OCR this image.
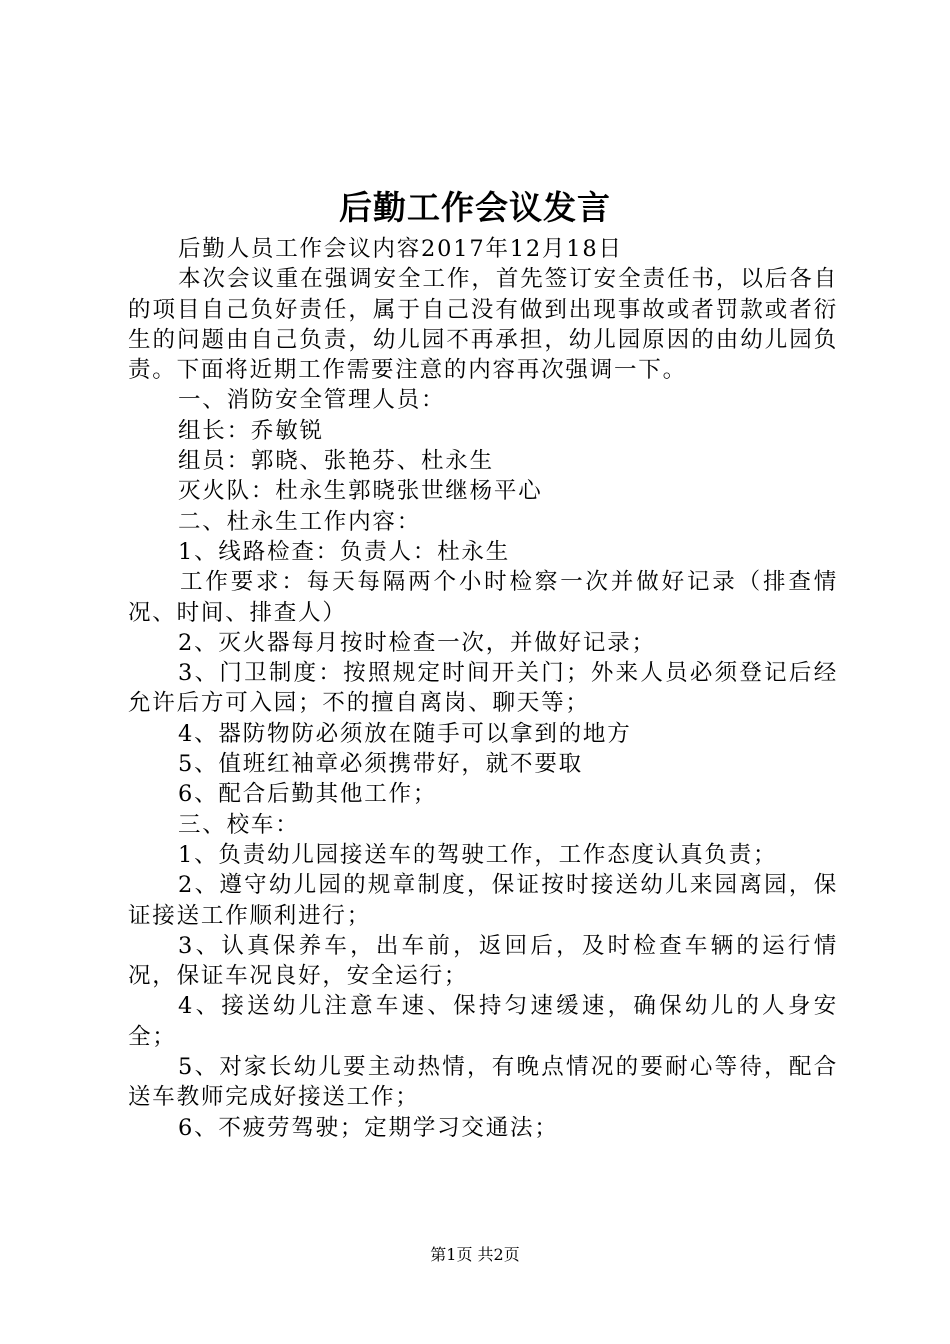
后勤工作会议发言

后勤人员工作会议内容2017年12月18日

本次会议重在强调安全工作，首先签订安全责任书，以后各自的项目自己负好责任，属于自己没有做到出现事故或者罚款或者衍生的问题由自己负责，幼儿园不再承担，幼儿园原因的由幼儿园负责。下面将近期工作需要注意的内容再次强调一下。

一、消防安全管理人员：

组长：乔敏锐

组员：郭晓、张艳芬、杜永生

灭火队：杜永生郭晓张世继杨平心

二、杜永生工作内容：

1、线路检查：负责人：杜永生

工作要求：每天每隔两个小时检察一次并做好记录（排查情况、时间、排查人）

2、灭火器每月按时检查一次，并做好记录；

3、门卫制度：按照规定时间开关门；外来人员必须登记后经允许后方可入园；不的擅自离岗、聊天等；

4、器防物防必须放在随手可以拿到的地方

5、值班红袖章必须携带好，就不要取

6、配合后勤其他工作；

三、校车：

1、负责幼儿园接送车的驾驶工作，工作态度认真负责；

2、遵守幼儿园的规章制度，保证按时接送幼儿来园离园，保证接送工作顺利进行；

3、认真保养车，出车前，返回后，及时检查车辆的运行情况，保证车况良好，安全运行；

4、接送幼儿注意车速、保持匀速缓速，确保幼儿的人身安全；

5、对家长幼儿要主动热情，有晚点情况的要耐心等待，配合送车教师完成好接送工作；

6、不疲劳驾驶；定期学习交通法；

第1页 共2页
